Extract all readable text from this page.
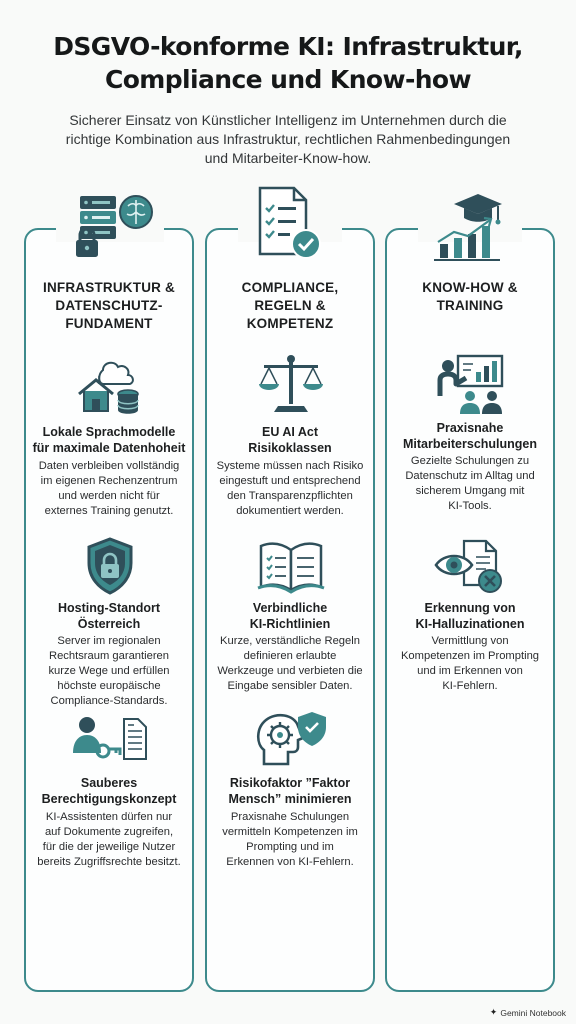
DSGVO-konforme KI: Infrastruktur,
Compliance und Know-how
Sicherer Einsatz von Künstlicher Intelligenz im Unternehmen durch die
richtige Kombination aus Infrastruktur, rechtlichen Rahmenbedingungen
und Mitarbeiter-Know-how.
INFRASTRUKTUR &
DATENSCHUTZ-
FUNDAMENT
COMPLIANCE,
REGELN &
KOMPETENZ
KNOW-HOW &
TRAINING
Lokale Sprachmodelle
für maximale Datenhoheit
Daten verbleiben vollständig
im eigenen Rechenzentrum
und werden nicht für
externes Training genutzt.
Hosting-Standort
Österreich
Server im regionalen
Rechtsraum garantieren
kurze Wege und erfüllen
höchste europäische
Compliance-Standards.
Sauberes
Berechtigungskonzept
KI-Assistenten dürfen nur
auf Dokumente zugreifen,
für die der jeweilige Nutzer
bereits Zugriffsrechte besitzt.
EU AI Act
Risikoklassen
Systeme müssen nach Risiko
eingestuft und entsprechend
den Transparenzpflichten
dokumentiert werden.
Verbindliche
KI-Richtlinien
Kurze, verständliche Regeln
definieren erlaubte
Werkzeuge und verbieten die
Eingabe sensibler Daten.
Risikofaktor ”Faktor
Mensch” minimieren
Praxisnahe Schulungen
vermitteln Kompetenzen im
Prompting und im
Erkennen von KI-Fehlern.
Praxisnahe
Mitarbeiterschulungen
Gezielte Schulungen zu
Datenschutz im Alltag und
sicherem Umgang mit
KI-Tools.
Erkennung von
KI-Halluzinationen
Vermittlung von
Kompetenzen im Prompting
und im Erkennen von
KI-Fehlern.
✦ Gemini Notebook
